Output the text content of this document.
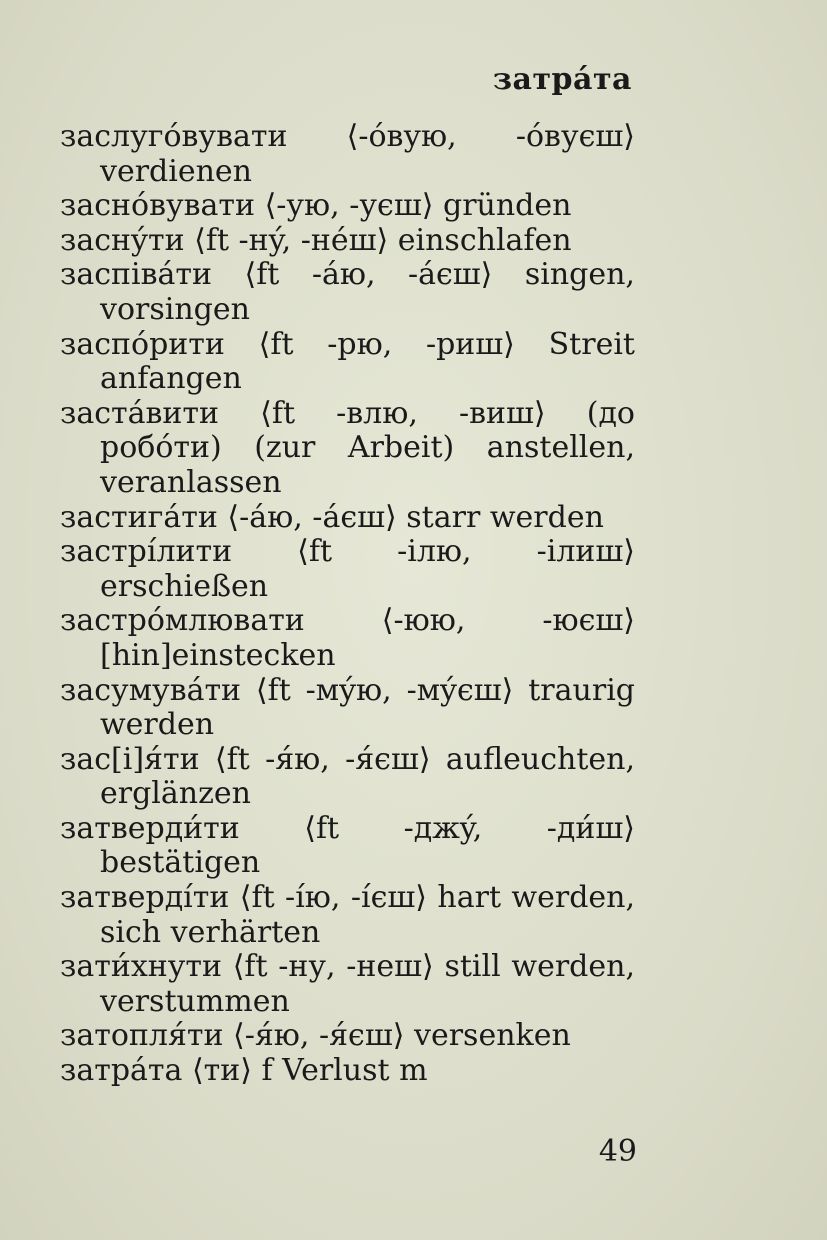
затрáта

заслугóвувати ⟨-óвую, -óвуєш⟩ verdienen

заснóвувати ⟨-ую, -уєш⟩ gründen

заснýти ⟨ft -нý, -нéш⟩ einschlafen

заспівáти ⟨ft -áю, -áєш⟩ singen, vorsingen

заспóрити ⟨ft -рю, -риш⟩ Streit anfangen

застáвити ⟨ft -влю, -виш⟩ (до робóти) (zur Arbeit) anstellen, veranlassen

застигáти ⟨-áю, -áєш⟩ starr werden

застрі́лити ⟨ft -ілю, -ілиш⟩ erschießen

застрóмлювати	⟨-юю, -юєш⟩ [hin]einstecken

засумувáти ⟨ft -мýю, -мýєш⟩ traurig werden

зас[і]я́ти ⟨ft -я́ю, -я́єш⟩ aufleuchten, erglänzen

затверди́ти ⟨ft -джý, -ди́ш⟩ bestätigen

затверді́ти ⟨ft -íю, -íєш⟩ hart werden, sich verhärten

зати́хнути ⟨ft -ну, -неш⟩ still werden, verstummen

затопля́ти ⟨-я́ю, -я́єш⟩ versenken

затрáта ⟨ти⟩ f Verlust m

49
